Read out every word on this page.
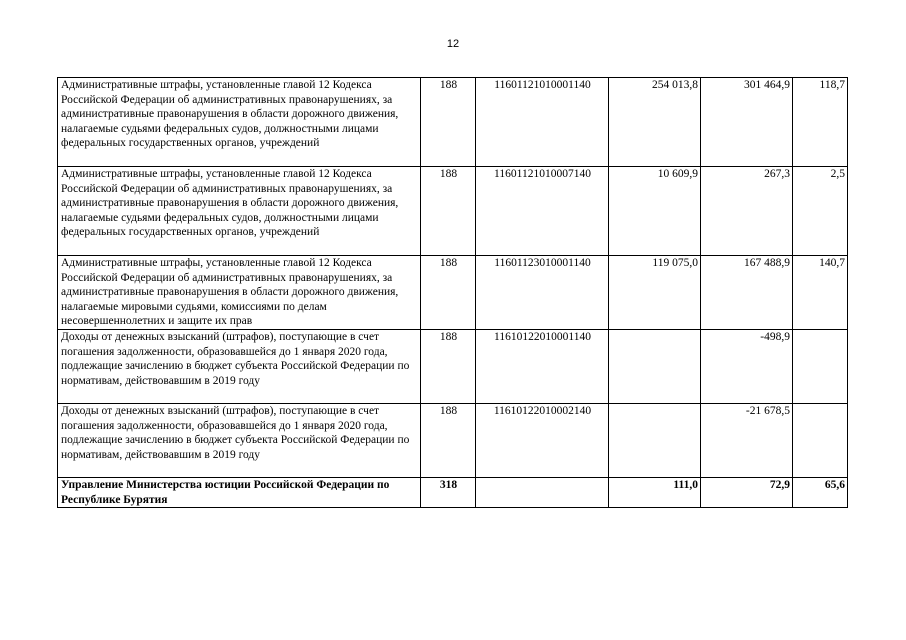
12
Административные штрафы, установленные главой 12 Кодекса Российской Федерации об административных правонарушениях, за административные правонарушения в области дорожного движения, налагаемые судьями федеральных судов, должностными лицами федеральных государственных органов, учреждений	188	11601121010001140	254 013,8	301 464,9	118,7
Административные штрафы, установленные главой 12 Кодекса Российской Федерации об административных правонарушениях, за административные правонарушения в области дорожного движения, налагаемые судьями федеральных судов, должностными лицами федеральных государственных органов, учреждений	188	11601121010007140	10 609,9	267,3	2,5
Административные штрафы, установленные главой 12 Кодекса Российской Федерации об административных правонарушениях, за административные правонарушения в области дорожного движения, налагаемые мировыми судьями, комиссиями по делам несовершеннолетних и защите их прав	188	11601123010001140	119 075,0	167 488,9	140,7
Доходы от денежных взысканий (штрафов), поступающие в счет погашения задолженности, образовавшейся до 1 января 2020 года, подлежащие зачислению в бюджет субъекта Российской Федерации по нормативам, действовавшим в 2019 году	188	11610122010001140		-498,9	
Доходы от денежных взысканий (штрафов), поступающие в счет погашения задолженности, образовавшейся до 1 января 2020 года, подлежащие зачислению в бюджет субъекта Российской Федерации по нормативам, действовавшим в 2019 году	188	11610122010002140		-21 678,5	
Управление Министерства юстиции Российской Федерации по Республике Бурятия	318		111,0	72,9	65,6
